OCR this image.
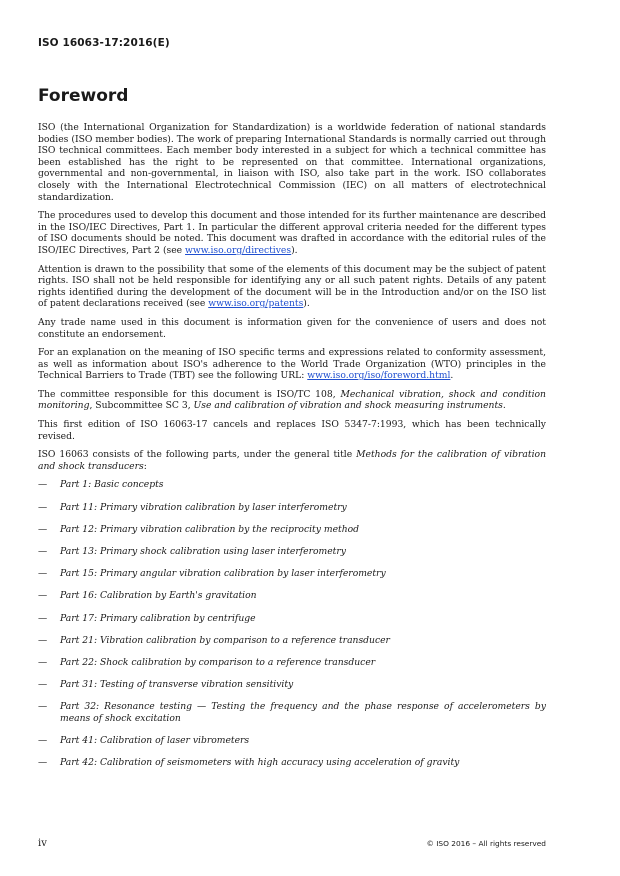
ISO 16063-17:2016(E)
Foreword

ISO (the International Organization for Standardization) is a worldwide federation of national standards bodies (ISO member bodies). The work of preparing International Standards is normally carried out through ISO technical committees. Each member body interested in a subject for which a technical committee has been established has the right to be represented on that committee. International organizations, governmental and non-governmental, in liaison with ISO, also take part in the work. ISO collaborates closely with the International Electrotechnical Commission (IEC) on all matters of electrotechnical standardization.

The procedures used to develop this document and those intended for its further maintenance are described in the ISO/IEC Directives, Part 1. In particular the different approval criteria needed for the different types of ISO documents should be noted. This document was drafted in accordance with the editorial rules of the ISO/IEC Directives, Part 2 (see www.iso.org/directives).

Attention is drawn to the possibility that some of the elements of this document may be the subject of patent rights. ISO shall not be held responsible for identifying any or all such patent rights. Details of any patent rights identified during the development of the document will be in the Introduction and/or on the ISO list of patent declarations received (see www.iso.org/patents).

Any trade name used in this document is information given for the convenience of users and does not constitute an endorsement.

For an explanation on the meaning of ISO specific terms and expressions related to conformity assessment, as well as information about ISO's adherence to the World Trade Organization (WTO) principles in the Technical Barriers to Trade (TBT) see the following URL: www.iso.org/iso/foreword.html.

The committee responsible for this document is ISO/TC 108, Mechanical vibration, shock and condition monitoring, Subcommittee SC 3, Use and calibration of vibration and shock measuring instruments.

This first edition of ISO 16063-17 cancels and replaces ISO 5347-7:1993, which has been technically revised.

ISO 16063 consists of the following parts, under the general title Methods for the calibration of vibration and shock transducers:

— Part 1: Basic concepts
— Part 11: Primary vibration calibration by laser interferometry
— Part 12: Primary vibration calibration by the reciprocity method
— Part 13: Primary shock calibration using laser interferometry
— Part 15: Primary angular vibration calibration by laser interferometry
— Part 16: Calibration by Earth's gravitation
— Part 17: Primary calibration by centrifuge
— Part 21: Vibration calibration by comparison to a reference transducer
— Part 22: Shock calibration by comparison to a reference transducer
— Part 31: Testing of transverse vibration sensitivity
— Part 32: Resonance testing — Testing the frequency and the phase response of accelerometers by means of shock excitation
— Part 41: Calibration of laser vibrometers
— Part 42: Calibration of seismometers with high accuracy using acceleration of gravity
iv	© ISO 2016 – All rights reserved
